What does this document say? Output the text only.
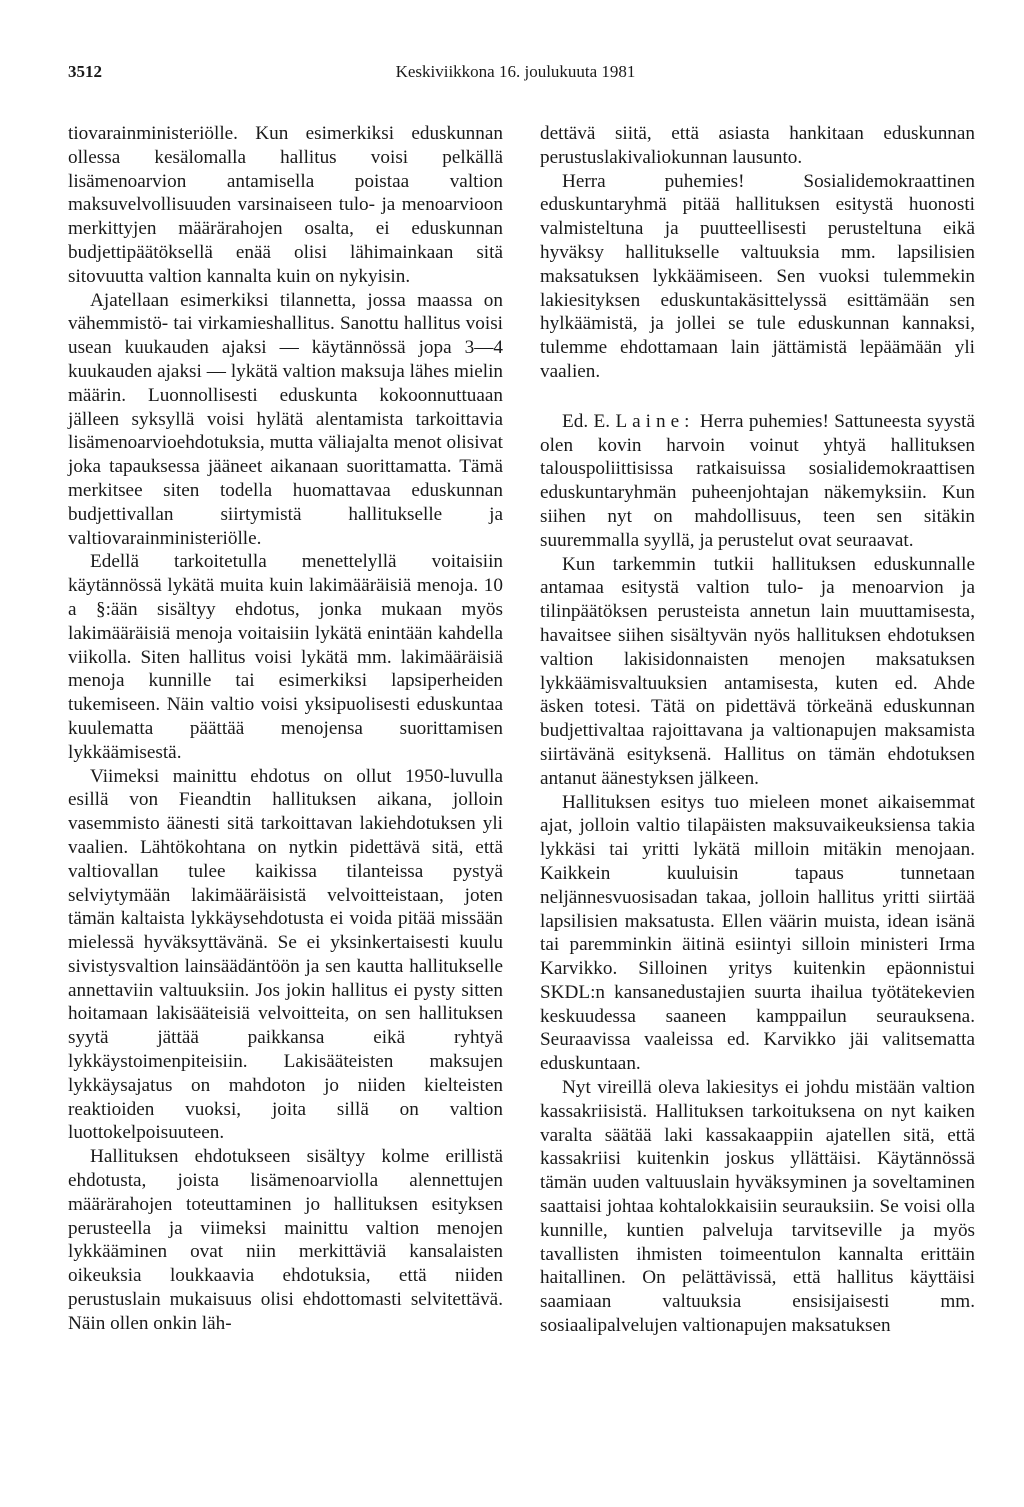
3512	Keskiviikkona 16. joulukuuta 1981

tiovarainministeriölle. Kun esimerkiksi eduskunnan ollessa kesälomalla hallitus voisi pelkällä lisämenoarvion antamisella poistaa valtion maksuvelvollisuuden varsinaiseen tulo- ja menoarvioon merkittyjen määrärahojen osalta, ei eduskunnan budjettipäätöksellä enää olisi lähimainkaan sitä sitovuutta valtion kannalta kuin on nykyisin.

Ajatellaan esimerkiksi tilannetta, jossa maassa on vähemmistö- tai virkamieshallitus. Sanottu hallitus voisi usean kuukauden ajaksi — käytännössä jopa 3—4 kuukauden ajaksi — lykätä valtion maksuja lähes mielin määrin. Luonnollisesti eduskunta kokoonnuttuaan jälleen syksyllä voisi hylätä alentamista tarkoittavia lisämenoarvioehdotuksia, mutta väliajalta menot olisivat joka tapauksessa jääneet aikanaan suorittamatta. Tämä merkitsee siten todella huomattavaa eduskunnan budjettivallan siirtymistä hallitukselle ja valtiovarainministeriölle.

Edellä tarkoitetulla menettelyllä voitaisiin käytännössä lykätä muita kuin lakimääräisiä menoja. 10 a §:ään sisältyy ehdotus, jonka mukaan myös lakimääräisiä menoja voitaisiin lykätä enintään kahdella viikolla. Siten hallitus voisi lykätä mm. lakimääräisiä menoja kunnille tai esimerkiksi lapsiperheiden tukemiseen. Näin valtio voisi yksipuolisesti eduskuntaa kuulematta päättää menojensa suorittamisen lykkäämisestä.

Viimeksi mainittu ehdotus on ollut 1950-luvulla esillä von Fieandtin hallituksen aikana, jolloin vasemmisto äänesti sitä tarkoittavan lakiehdotuksen yli vaalien. Lähtökohtana on nytkin pidettävä sitä, että valtiovallan tulee kaikissa tilanteissa pystyä selviytymään lakimääräisistä velvoitteistaan, joten tämän kaltaista lykkäysehdotusta ei voida pitää missään mielessä hyväksyttävänä. Se ei yksinkertaisesti kuulu sivistysvaltion lainsäädäntöön ja sen kautta hallitukselle annettaviin valtuuksiin. Jos jokin hallitus ei pysty sitten hoitamaan lakisääteisiä velvoitteita, on sen hallituksen syytä jättää paikkansa eikä ryhtyä lykkäystoimenpiteisiin. Lakisääteisten maksujen lykkäysajatus on mahdoton jo niiden kielteisten reaktioiden vuoksi, joita sillä on valtion luottokelpoisuuteen.

Hallituksen ehdotukseen sisältyy kolme erillistä ehdotusta, joista lisämenoarviolla alennettujen määrärahojen toteuttaminen jo hallituksen esityksen perusteella ja viimeksi mainittu valtion menojen lykkääminen ovat niin merkittäviä kansalaisten oikeuksia loukkaavia ehdotuksia, että niiden perustuslain mukaisuus olisi ehdottomasti selvitettävä. Näin ollen onkin läh-

dettävä siitä, että asiasta hankitaan eduskunnan perustuslakivaliokunnan lausunto.

Herra puhemies! Sosialidemokraattinen eduskuntaryhmä pitää hallituksen esitystä huonosti valmisteltuna ja puutteellisesti perusteltuna eikä hyväksy hallitukselle valtuuksia mm. lapsilisien maksatuksen lykkäämiseen. Sen vuoksi tulemmekin lakiesityksen eduskuntakäsittelyssä esittämään sen hylkäämistä, ja jollei se tule eduskunnan kannaksi, tulemme ehdottamaan lain jättämistä lepäämään yli vaalien.

Ed. E. Laine: Herra puhemies! Sattuneesta syystä olen kovin harvoin voinut yhtyä hallituksen talouspoliittisissa ratkaisuissa sosialidemokraattisen eduskuntaryhmän puheenjohtajan näkemyksiin. Kun siihen nyt on mahdollisuus, teen sen sitäkin suuremmalla syyllä, ja perustelut ovat seuraavat.

Kun tarkemmin tutkii hallituksen eduskunnalle antamaa esitystä valtion tulo- ja menoarvion ja tilinpäätöksen perusteista annetun lain muuttamisesta, havaitsee siihen sisältyvän nyös hallituksen ehdotuksen valtion lakisidonnaisten menojen maksatuksen lykkäämisvaltuuksien antamisesta, kuten ed. Ahde äsken totesi. Tätä on pidettävä törkeänä eduskunnan budjettivaltaa rajoittavana ja valtionapujen maksamista siirtävänä esityksenä. Hallitus on tämän ehdotuksen antanut äänestyksen jälkeen.

Hallituksen esitys tuo mieleen monet aikaisemmat ajat, jolloin valtio tilapäisten maksuvaikeuksiensa takia lykkäsi tai yritti lykätä milloin mitäkin menojaan. Kaikkein kuuluisin tapaus tunnetaan neljännesvuosisadan takaa, jolloin hallitus yritti siirtää lapsilisien maksatusta. Ellen väärin muista, idean isänä tai paremminkin äitinä esiintyi silloin ministeri Irma Karvikko. Silloinen yritys kuitenkin epäonnistui SKDL:n kansanedustajien suurta ihailua työtätekevien keskuudessa saaneen kamppailun seurauksena. Seuraavissa vaaleissa ed. Karvikko jäi valitsematta eduskuntaan.

Nyt vireillä oleva lakiesitys ei johdu mistään valtion kassakriisistä. Hallituksen tarkoituksena on nyt kaiken varalta säätää laki kassakaappiin ajatellen sitä, että kassakriisi kuitenkin joskus yllättäisi. Käytännössä tämän uuden valtuuslain hyväksyminen ja soveltaminen saattaisi johtaa kohtalokkaisiin seurauksiin. Se voisi olla kunnille, kuntien palveluja tarvitseville ja myös tavallisten ihmisten toimeentulon kannalta erittäin haitallinen. On pelättävissä, että hallitus käyttäisi saamiaan valtuuksia ensisijaisesti mm. sosiaalipalvelujen valtionapujen maksatuksen
